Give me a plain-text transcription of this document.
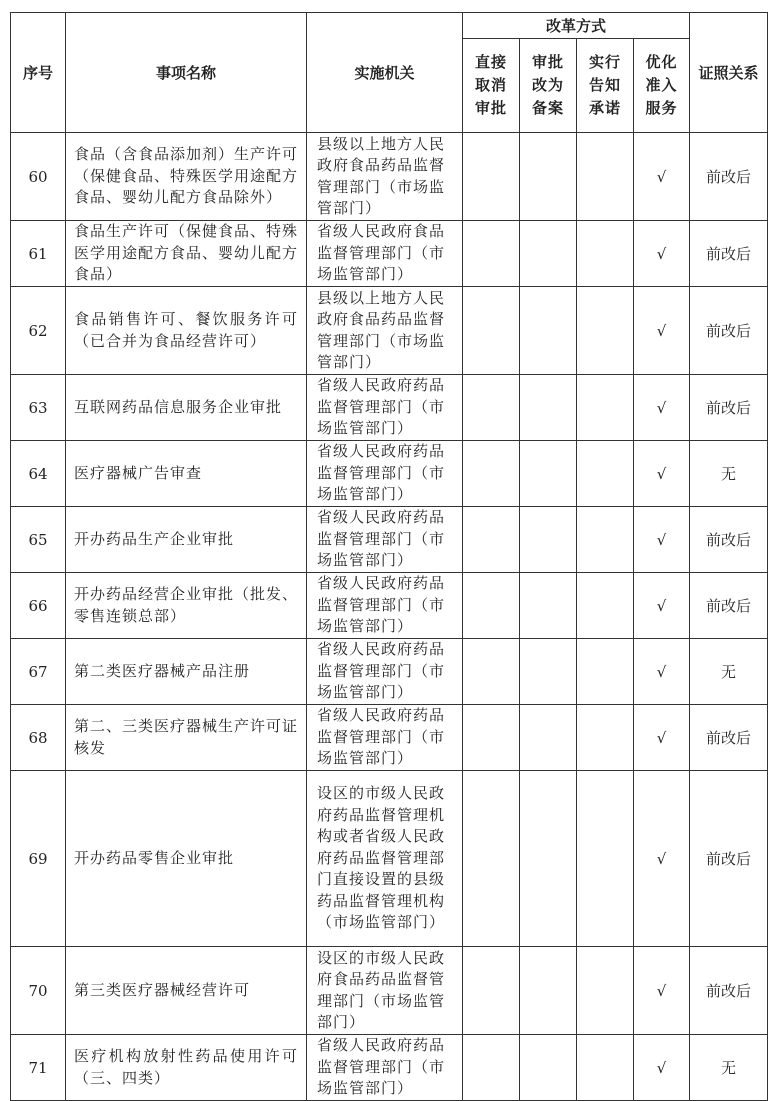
序号	事项名称	实施机关	改革方式				证照关系
			直接取消审批	审批改为备案	实行告知承诺	优化准入服务	
60	食品（含食品添加剂）生产许可（保健食品、特殊医学用途配方食品、婴幼儿配方食品除外）	县级以上地方人民政府食品药品监督管理部门（市场监管部门）				√	前改后
61	食品生产许可（保健食品、特殊医学用途配方食品、婴幼儿配方食品）	省级人民政府食品监督管理部门（市场监管部门）				√	前改后
62	食品销售许可、餐饮服务许可（已合并为食品经营许可）	县级以上地方人民政府食品药品监督管理部门（市场监管部门）				√	前改后
63	互联网药品信息服务企业审批	省级人民政府药品监督管理部门（市场监管部门）				√	前改后
64	医疗器械广告审查	省级人民政府药品监督管理部门（市场监管部门）				√	无
65	开办药品生产企业审批	省级人民政府药品监督管理部门（市场监管部门）				√	前改后
66	开办药品经营企业审批（批发、零售连锁总部）	省级人民政府药品监督管理部门（市场监管部门）				√	前改后
67	第二类医疗器械产品注册	省级人民政府药品监督管理部门（市场监管部门）				√	无
68	第二、三类医疗器械生产许可证核发	省级人民政府药品监督管理部门（市场监管部门）				√	前改后
69	开办药品零售企业审批	设区的市级人民政府药品监督管理机构或者省级人民政府药品监督管理部门直接设置的县级药品监督管理机构（市场监管部门）				√	前改后
70	第三类医疗器械经营许可	设区的市级人民政府食品药品监督管理部门（市场监管部门）				√	前改后
71	医疗机构放射性药品使用许可（三、四类）	省级人民政府药品监督管理部门（市场监管部门）				√	无
